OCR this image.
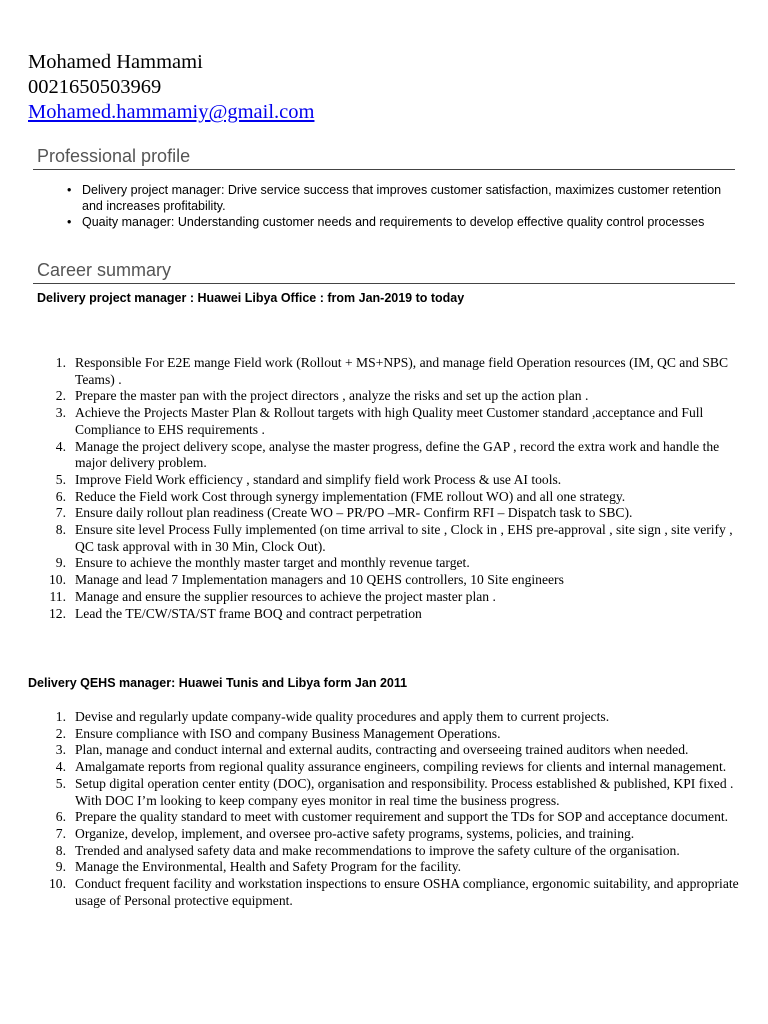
Mohamed Hammami
0021650503969
Mohamed.hammamiy@gmail.com
Professional profile
• Delivery project manager: Drive service success that improves customer satisfaction, maximizes customer retention and increases profitability.
• Quaity manager: Understanding customer needs and requirements to develop effective quality control processes
Career summary
Delivery project manager : Huawei Libya Office : from Jan-2019 to today
1. Responsible For E2E mange Field work (Rollout + MS+NPS), and manage field Operation resources (IM, QC and SBC Teams) .
2. Prepare the master pan with the project directors , analyze the risks and set up the action plan .
3. Achieve the Projects Master Plan & Rollout targets with high Quality meet Customer standard ,acceptance and Full Compliance to EHS requirements .
4. Manage the project delivery scope, analyse the master progress, define the GAP , record the extra work and handle the major delivery problem.
5. Improve Field Work efficiency , standard and simplify field work Process & use AI tools.
6. Reduce the Field work Cost through synergy implementation (FME rollout WO) and all one strategy.
7. Ensure daily rollout plan readiness (Create WO – PR/PO –MR- Confirm RFI – Dispatch task to SBC).
8. Ensure site level Process Fully implemented (on time arrival to site , Clock in , EHS pre-approval , site sign , site verify , QC task approval with in 30 Min, Clock Out).
9. Ensure to achieve the monthly master target and monthly revenue target.
10. Manage and lead 7 Implementation managers and 10 QEHS controllers, 10 Site engineers
11. Manage and ensure the supplier resources to achieve the project master plan .
12. Lead the TE/CW/STA/ST frame BOQ and contract perpetration
Delivery QEHS manager: Huawei Tunis and Libya form Jan 2011
1. Devise and regularly update company-wide quality procedures and apply them to current projects.
2. Ensure compliance with ISO and company Business Management Operations.
3. Plan, manage and conduct internal and external audits, contracting and overseeing trained auditors when needed.
4. Amalgamate reports from regional quality assurance engineers, compiling reviews for clients and internal management.
5. Setup digital operation center entity (DOC), organisation and responsibility. Process established & published, KPI fixed . With DOC I’m looking to keep company eyes monitor in real time the business progress.
6. Prepare the quality standard to meet with customer requirement and support the TDs for SOP and acceptance document.
7. Organize, develop, implement, and oversee pro-active safety programs, systems, policies, and training.
8. Trended and analysed safety data and make recommendations to improve the safety culture of the organisation.
9. Manage the Environmental, Health and Safety Program for the facility.
10. Conduct frequent facility and workstation inspections to ensure OSHA compliance, ergonomic suitability, and appropriate usage of Personal protective equipment.
